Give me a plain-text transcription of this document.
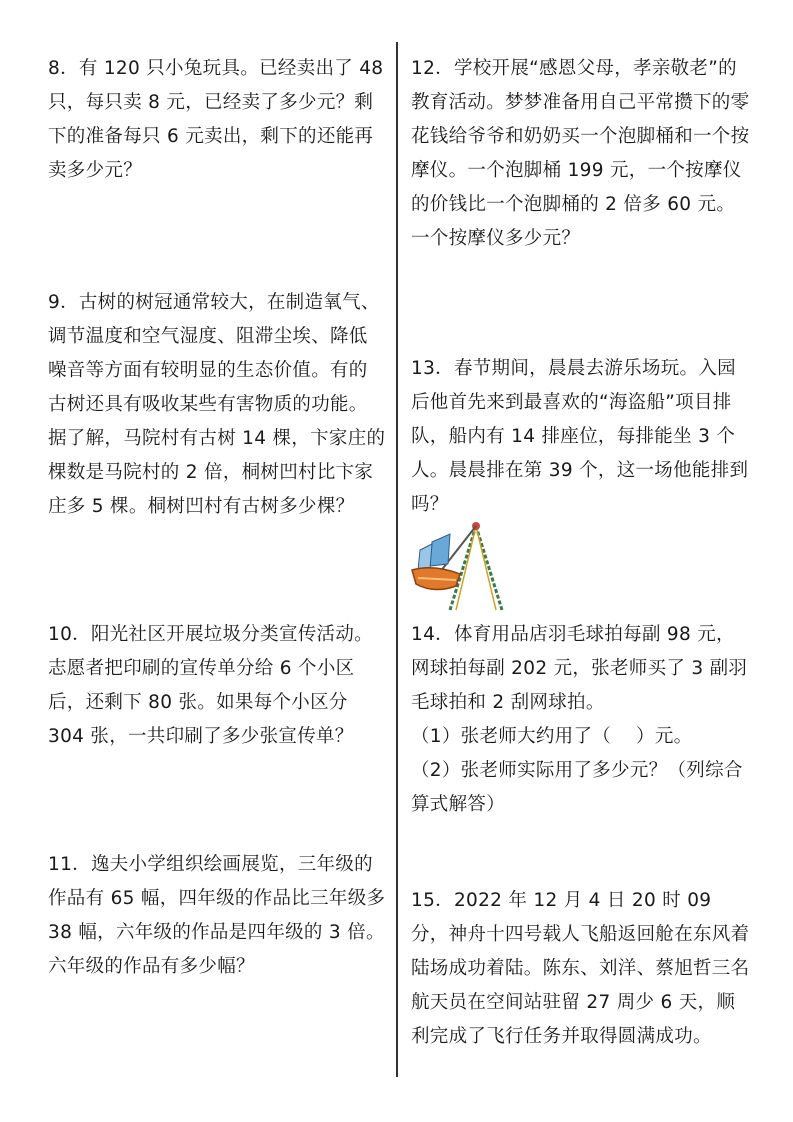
8．有 120 只小兔玩具。已经卖出了 48 只，每只卖 8 元，已经卖了多少元？剩下的准备每只 6 元卖出，剩下的还能再卖多少元？

9．古树的树冠通常较大，在制造氧气、调节温度和空气湿度、阻滞尘埃、降低噪音等方面有较明显的生态价值。有的古树还具有吸收某些有害物质的功能。据了解，马院村有古树 14 棵，卞家庄的棵数是马院村的 2 倍，桐树凹村比卞家庄多 5 棵。桐树凹村有古树多少棵？

10．阳光社区开展垃圾分类宣传活动。志愿者把印刷的宣传单分给 6 个小区后，还剩下 80 张。如果每个小区分 304 张，一共印刷了多少张宣传单？

11．逸夫小学组织绘画展览，三年级的作品有 65 幅，四年级的作品比三年级多 38 幅，六年级的作品是四年级的 3 倍。六年级的作品有多少幅？

12．学校开展“感恩父母，孝亲敬老”的教育活动。梦梦准备用自己平常攒下的零花钱给爷爷和奶奶买一个泡脚桶和一个按摩仪。一个泡脚桶 199 元，一个按摩仪的价钱比一个泡脚桶的 2 倍多 60 元。一个按摩仪多少元？

13．春节期间，晨晨去游乐场玩。入园后他首先来到最喜欢的“海盗船”项目排队，船内有 14 排座位，每排能坐 3 个人。晨晨排在第 39 个，这一场他能排到吗？

14．体育用品店羽毛球拍每副 98 元，网球拍每副 202 元，张老师买了 3 副羽毛球拍和 2 刮网球拍。

（1）张老师大约用了（　 ）元。

（2）张老师实际用了多少元？（列综合算式解答）

15．2022 年 12 月 4 日 20 时 09 分，神舟十四号载人飞船返回舱在东风着陆场成功着陆。陈东、刘洋、蔡旭哲三名航天员在空间站驻留 27 周少 6 天，顺利完成了飞行任务并取得圆满成功。
